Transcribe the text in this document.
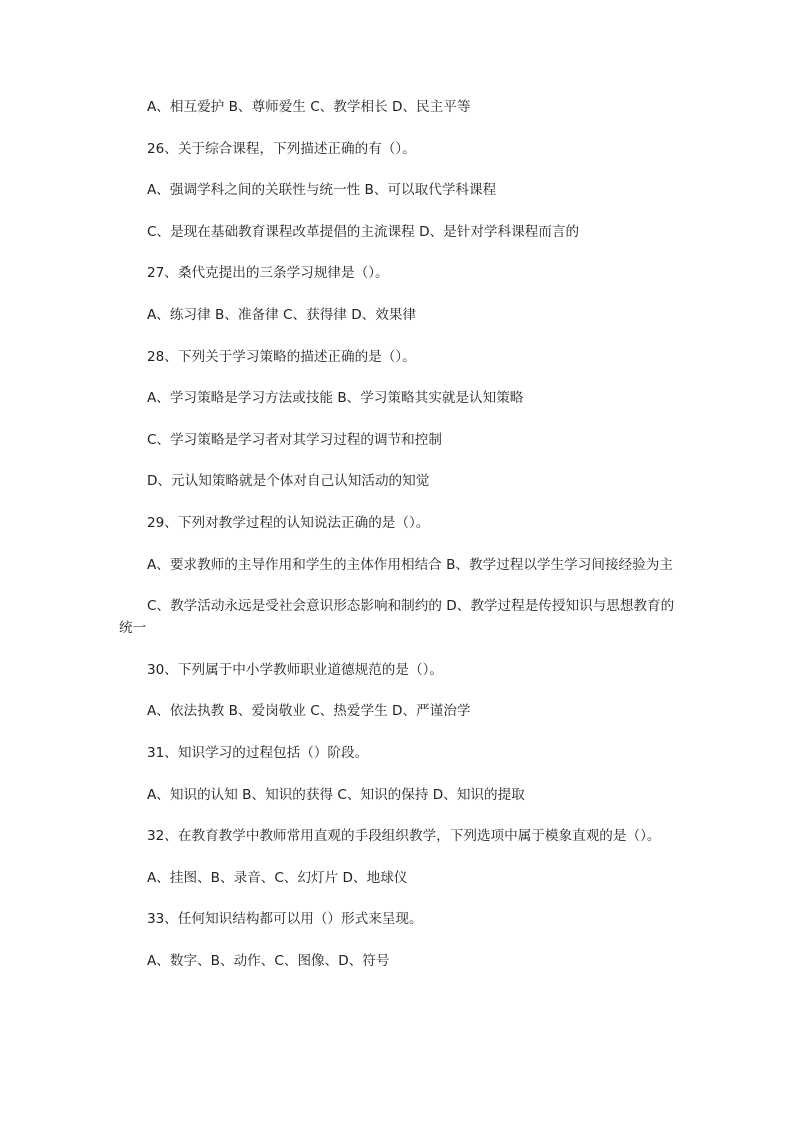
A、相互爱护 B、尊师爱生 C、教学相长 D、民主平等

26、关于综合课程，下列描述正确的有（）。

A、强调学科之间的关联性与统一性 B、可以取代学科课程

C、是现在基础教育课程改革提倡的主流课程 D、是针对学科课程而言的

27、桑代克提出的三条学习规律是（）。

A、练习律 B、准备律 C、获得律 D、效果律

28、下列关于学习策略的描述正确的是（）。

A、学习策略是学习方法或技能 B、学习策略其实就是认知策略

C、学习策略是学习者对其学习过程的调节和控制

D、元认知策略就是个体对自己认知活动的知觉

29、下列对教学过程的认知说法正确的是（）。

A、要求教师的主导作用和学生的主体作用相结合 B、教学过程以学生学习间接经验为主

C、教学活动永远是受社会意识形态影响和制约的 D、教学过程是传授知识与思想教育的统一

30、下列属于中小学教师职业道德规范的是（）。

A、依法执教 B、爱岗敬业 C、热爱学生 D、严谨治学

31、知识学习的过程包括（）阶段。

A、知识的认知 B、知识的获得 C、知识的保持 D、知识的提取

32、在教育教学中教师常用直观的手段组织教学，下列选项中属于模象直观的是（）。

A、挂图、B、录音、C、幻灯片 D、地球仪

33、任何知识结构都可以用（）形式来呈现。

A、数字、B、动作、C、图像、D、符号
